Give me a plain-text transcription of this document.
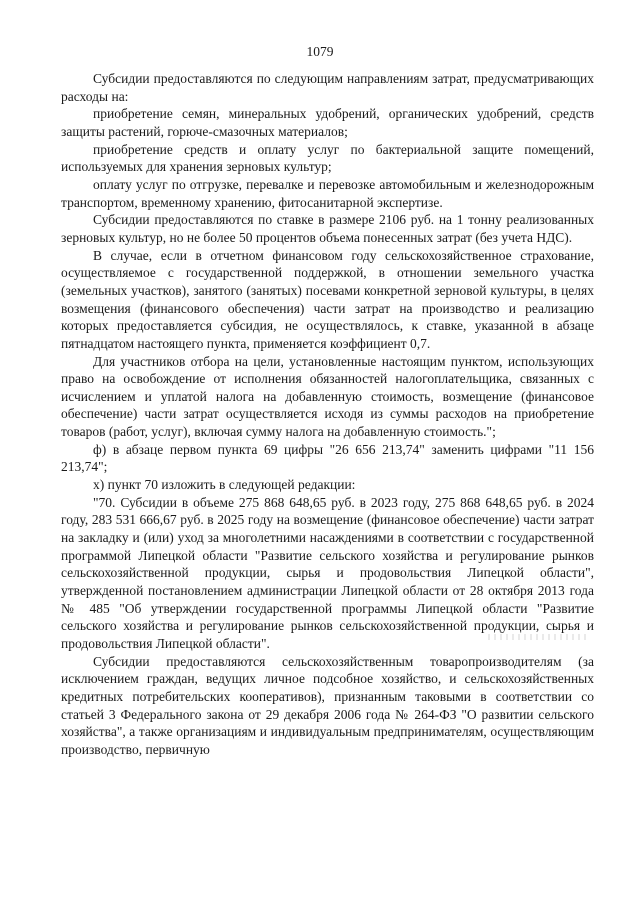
1079

Субсидии предоставляются по следующим направлениям затрат, предусматривающих расходы на:

приобретение семян, минеральных удобрений, органических удобрений, средств защиты растений, горюче-смазочных материалов;

приобретение средств и оплату услуг по бактериальной защите помещений, используемых для хранения зерновых культур;

оплату услуг по отгрузке, перевалке и перевозке автомобильным и железнодорожным транспортом, временному хранению, фитосанитарной экспертизе.

Субсидии предоставляются по ставке в размере 2106 руб. на 1 тонну реализованных зерновых культур, но не более 50 процентов объема понесенных затрат (без учета НДС).

В случае, если в отчетном финансовом году сельскохозяйственное страхование, осуществляемое с государственной поддержкой, в отношении земельного участка (земельных участков), занятого (занятых) посевами конкретной зерновой культуры, в целях возмещения (финансового обеспечения) части затрат на производство и реализацию которых предоставляется субсидия, не осуществлялось, к ставке, указанной в абзаце пятнадцатом настоящего пункта, применяется коэффициент 0,7.

Для участников отбора на цели, установленные настоящим пунктом, использующих право на освобождение от исполнения обязанностей налогоплательщика, связанных с исчислением и уплатой налога на добавленную стоимость, возмещение (финансовое обеспечение) части затрат осуществляется исходя из суммы расходов на приобретение товаров (работ, услуг), включая сумму налога на добавленную стоимость.";

ф) в абзаце первом пункта 69 цифры "26 656 213,74" заменить цифрами "11 156 213,74";

х) пункт 70 изложить в следующей редакции:

"70. Субсидии в объеме 275 868 648,65 руб. в 2023 году, 275 868 648,65 руб. в 2024 году, 283 531 666,67 руб. в 2025 году на возмещение (финансовое обеспечение) части затрат на закладку и (или) уход за многолетними насаждениями в соответствии с государственной программой Липецкой области "Развитие сельского хозяйства и регулирование рынков сельскохозяйственной продукции, сырья и продовольствия Липецкой области", утвержденной постановлением администрации Липецкой области от 28 октября 2013 года № 485 "Об утверждении государственной программы Липецкой области "Развитие сельского хозяйства и регулирование рынков сельскохозяйственной продукции, сырья и продовольствия Липецкой области".

Субсидии предоставляются сельскохозяйственным товаропроизводителям (за исключением граждан, ведущих личное подсобное хозяйство, и сельскохозяйственных кредитных потребительских кооперативов), признанным таковыми в соответствии со статьей 3 Федерального закона от 29 декабря 2006 года № 264-ФЗ "О развитии сельского хозяйства", а также организациям и индивидуальным предпринимателям, осуществляющим производство, первичную
